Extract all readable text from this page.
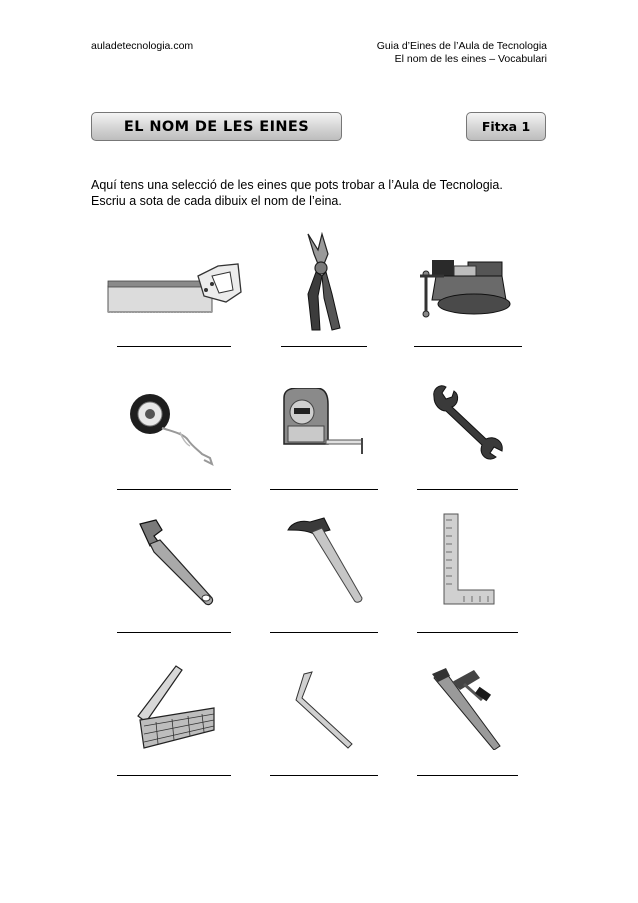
auladetecnologia.com	Guia d’Eines de l’Aula de Tecnologia
El nom de les eines – Vocabulari
EL NOM DE LES EINES	Fitxa 1
Aquí tens una selecció de les eines que pots trobar a l’Aula de Tecnologia.
Escriu a sota de cada dibuix el nom de l’eina.
